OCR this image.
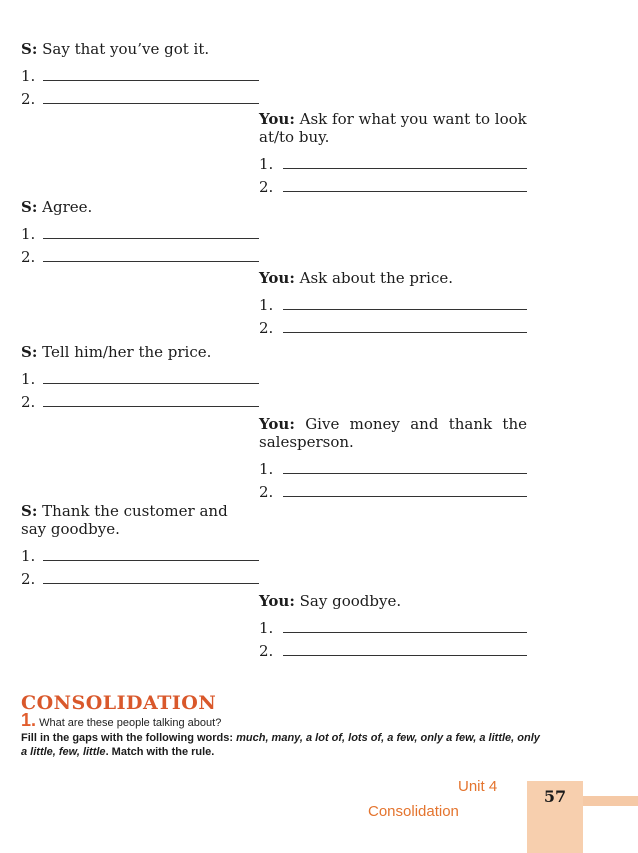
S: Say that you’ve got it.

1.
2.

You: Ask for what you want to look at/to buy.

1.
2.

S: Agree.

1.
2.

You: Ask about the price.

1.
2.

S: Tell him/her the price.

1.
2.

You: Give money and thank the salesperson.

1.
2.

S: Thank the customer and say goodbye.

1.
2.

You: Say goodbye.

1.
2.
CONSOLIDATION
1. What are these people talking about?
Fill in the gaps with the following words: much, many, a lot of, lots of, a few, only a few, a little, only a little, few, little. Match with the rule.
57
Unit 4
Consolidation
